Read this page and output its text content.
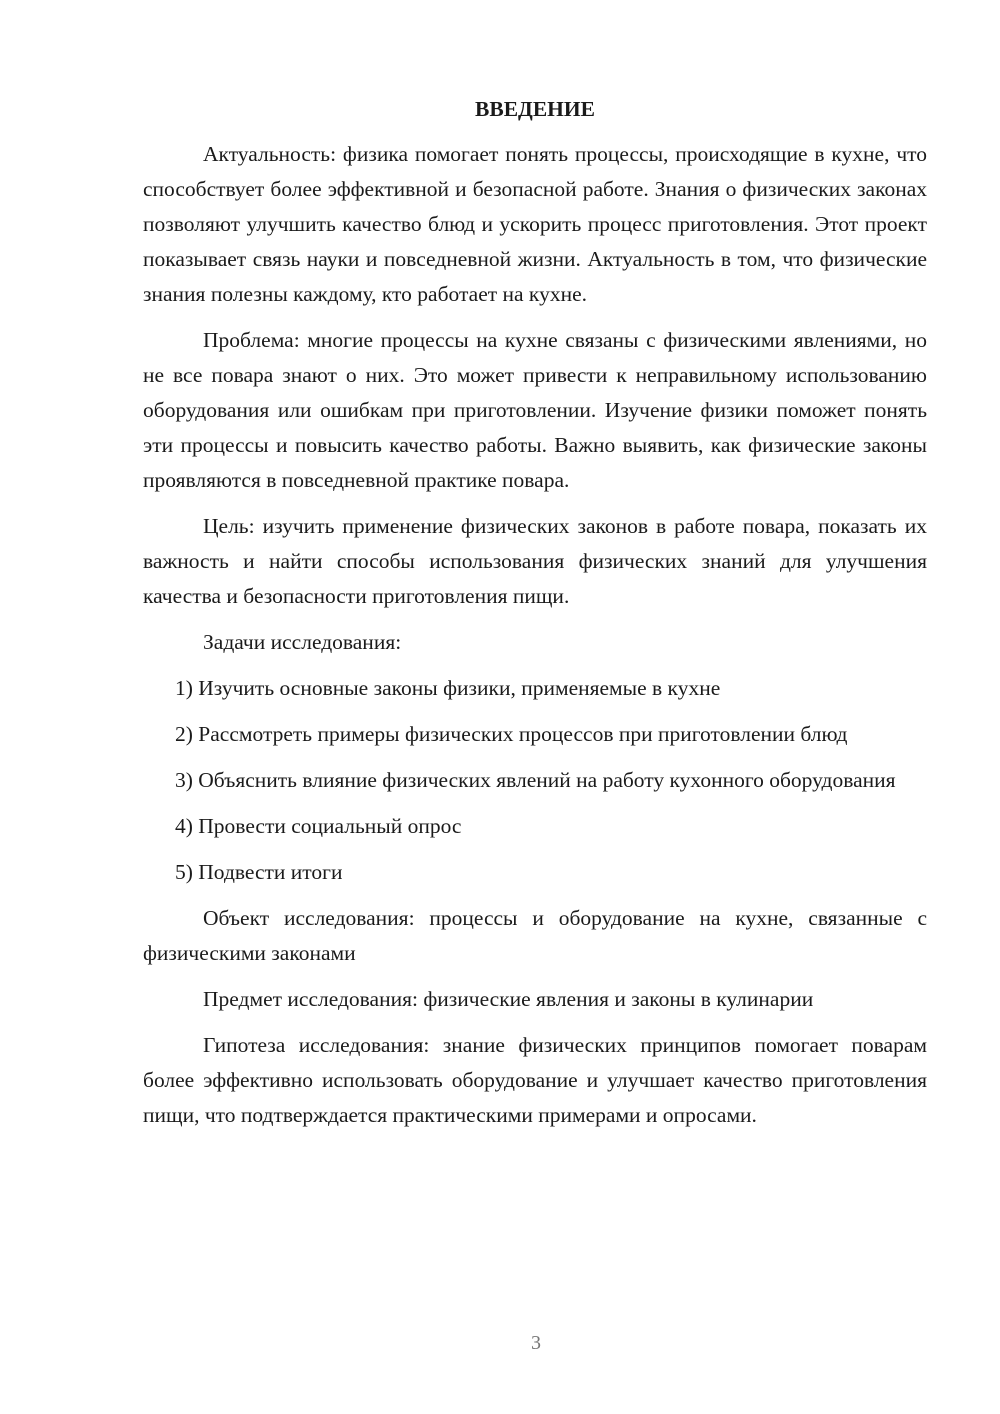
ВВЕДЕНИЕ

Актуальность: физика помогает понять процессы, происходящие в кухне, что способствует более эффективной и безопасной работе. Знания о физических законах позволяют улучшить качество блюд и ускорить процесс приготовления. Этот проект показывает связь науки и повседневной жизни. Актуальность в том, что физические знания полезны каждому, кто работает на кухне.

Проблема: многие процессы на кухне связаны с физическими явлениями, но не все повара знают о них. Это может привести к неправильному использованию оборудования или ошибкам при приготовлении. Изучение физики поможет понять эти процессы и повысить качество работы. Важно выявить, как физические законы проявляются в повседневной практике повара.

Цель: изучить применение физических законов в работе повара, показать их важность и найти способы использования физических знаний для улучшения качества и безопасности приготовления пищи.

Задачи исследования:

1) Изучить основные законы физики, применяемые в кухне

2) Рассмотреть примеры физических процессов при приготовлении блюд

3) Объяснить влияние физических явлений на работу кухонного оборудования

4) Провести социальный опрос

5) Подвести итоги

Объект исследования: процессы и оборудование на кухне, связанные с физическими законами

Предмет исследования: физические явления и законы в кулинарии

Гипотеза исследования: знание физических принципов помогает поварам более эффективно использовать оборудование и улучшает качество приготовления пищи, что подтверждается практическими примерами и опросами.

3
